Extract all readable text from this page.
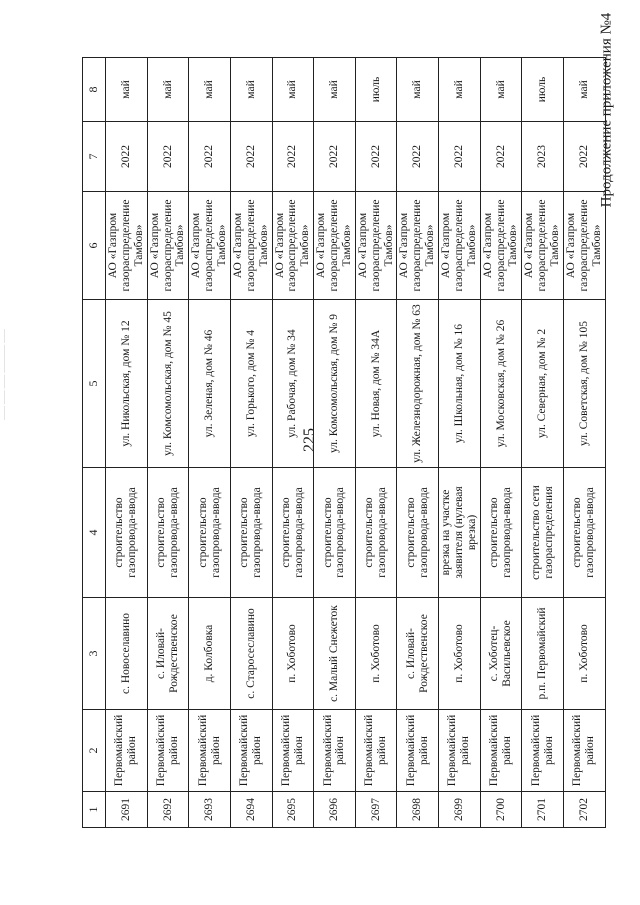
—— —— —— ———— ——
225
Продолжение приложения №4
1	2	3	4	5	6	7	8
2691	Первомайский район	с. Новоселавино	строительство газопровода-ввода	ул. Никольская, дом № 12	АО «Газпром газораспределение Тамбов»	2022	май
2692	Первомайский район	с. Иловай-Рождественское	строительство газопровода-ввода	ул. Комсомольская, дом № 45	АО «Газпром газораспределение Тамбов»	2022	май
2693	Первомайский район	д. Колбовка	строительство газопровода-ввода	ул. Зеленая, дом № 46	АО «Газпром газораспределение Тамбов»	2022	май
2694	Первомайский район	с. Старосеславино	строительство газопровода-ввода	ул. Горького, дом № 4	АО «Газпром газораспределение Тамбов»	2022	май
2695	Первомайский район	п. Хоботово	строительство газопровода-ввода	ул. Рабочая, дом № 34	АО «Газпром газораспределение Тамбов»	2022	май
2696	Первомайский район	с. Малый Снежеток	строительство газопровода-ввода	ул. Комсомольская, дом № 9	АО «Газпром газораспределение Тамбов»	2022	май
2697	Первомайский район	п. Хоботово	строительство газопровода-ввода	ул. Новая, дом № 34А	АО «Газпром газораспределение Тамбов»	2022	июль
2698	Первомайский район	с. Иловай-Рождественское	строительство газопровода-ввода	ул. Железнодорожная, дом № 63	АО «Газпром газораспределение Тамбов»	2022	май
2699	Первомайский район	п. Хоботово	врезка на участке заявителя (нулевая врезка)	ул. Школьная, дом № 16	АО «Газпром газораспределение Тамбов»	2022	май
2700	Первомайский район	с. Хоботец-Васильевское	строительство газопровода-ввода	ул. Московская, дом № 26	АО «Газпром газораспределение Тамбов»	2022	май
2701	Первомайский район	р.п. Первомайский	строительство сети газораспределения	ул. Северная, дом № 2	АО «Газпром газораспределение Тамбов»	2023	июль
2702	Первомайский район	п. Хоботово	строительство газопровода-ввода	ул. Советская, дом № 105	АО «Газпром газораспределение Тамбов»	2022	май
